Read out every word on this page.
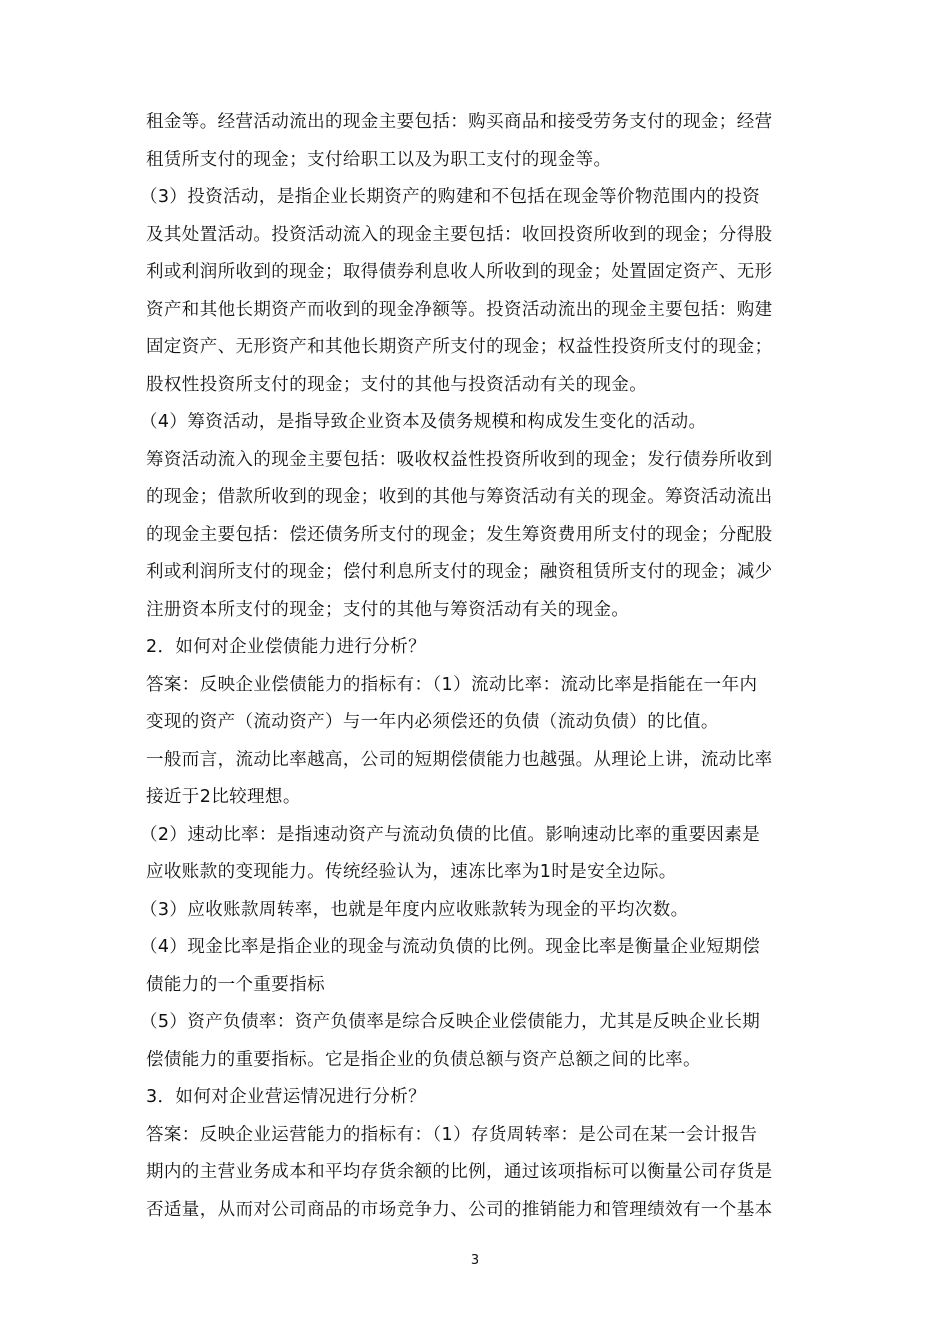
租金等。经营活动流出的现金主要包括：购买商品和接受劳务支付的现金；经营
租赁所支付的现金；支付给职工以及为职工支付的现金等。
（3）投资活动，是指企业长期资产的购建和不包括在现金等价物范围内的投资
及其处置活动。投资活动流入的现金主要包括：收回投资所收到的现金；分得股
利或利润所收到的现金；取得债券利息收人所收到的现金；处置固定资产、无形
资产和其他长期资产而收到的现金净额等。投资活动流出的现金主要包括：购建
固定资产、无形资产和其他长期资产所支付的现金；权益性投资所支付的现金；
股权性投资所支付的现金；支付的其他与投资活动有关的现金。
（4）筹资活动，是指导致企业资本及债务规模和构成发生变化的活动。
筹资活动流入的现金主要包括：吸收权益性投资所收到的现金；发行债券所收到
的现金；借款所收到的现金；收到的其他与筹资活动有关的现金。筹资活动流出
的现金主要包括：偿还债务所支付的现金；发生筹资费用所支付的现金；分配股
利或利润所支付的现金；偿付利息所支付的现金；融资租赁所支付的现金；减少
注册资本所支付的现金；支付的其他与筹资活动有关的现金。
2．如何对企业偿债能力进行分析？
答案：反映企业偿债能力的指标有：（1）流动比率：流动比率是指能在一年内
变现的资产（流动资产）与一年内必须偿还的负债（流动负债）的比值。
一般而言，流动比率越高，公司的短期偿债能力也越强。从理论上讲，流动比率
接近于2比较理想。
（2）速动比率：是指速动资产与流动负债的比值。影响速动比率的重要因素是
应收账款的变现能力。传统经验认为，速冻比率为1时是安全边际。
（3）应收账款周转率，也就是年度内应收账款转为现金的平均次数。
（4）现金比率是指企业的现金与流动负债的比例。现金比率是衡量企业短期偿
债能力的一个重要指标
（5）资产负债率：资产负债率是综合反映企业偿债能力，尤其是反映企业长期
偿债能力的重要指标。它是指企业的负债总额与资产总额之间的比率。
3．如何对企业营运情况进行分析？
答案：反映企业运营能力的指标有：（1）存货周转率：是公司在某一会计报告
期内的主营业务成本和平均存货余额的比例，通过该项指标可以衡量公司存货是
否适量，从而对公司商品的市场竞争力、公司的推销能力和管理绩效有一个基本
3
